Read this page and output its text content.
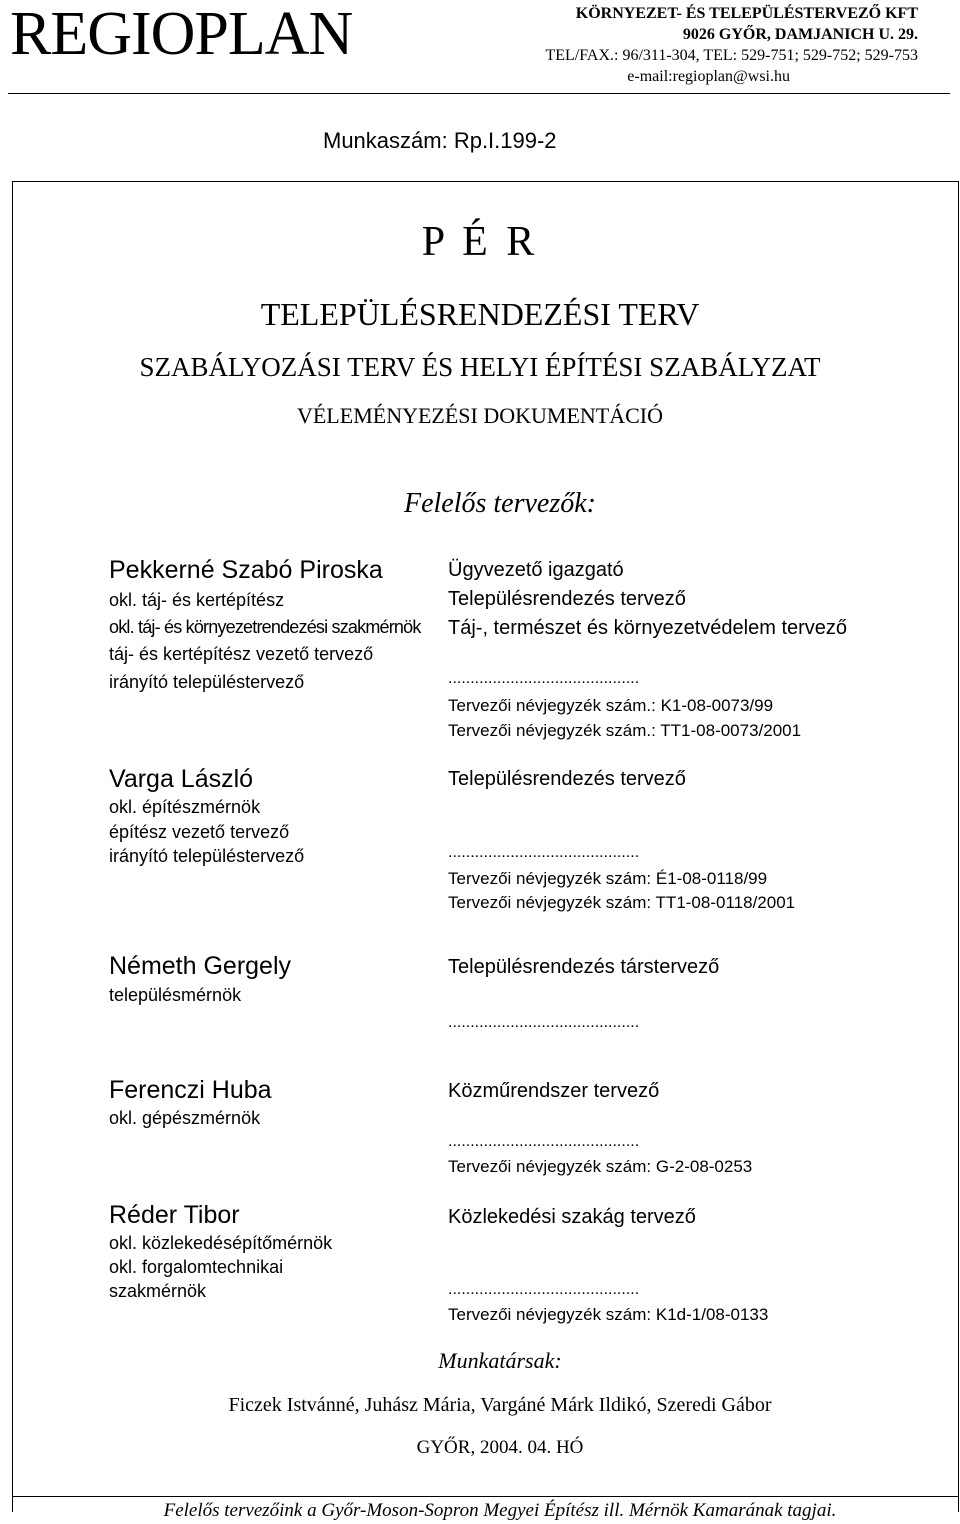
REGIOPLAN	KÖRNYEZET- ÉS TELEPÜLÉSTERVEZŐ KFT
9026 GYŐR, DAMJANICH U. 29.
TEL/FAX.: 96/311-304, TEL: 529-751; 529-752; 529-753
e-mail:regioplan@wsi.hu
Munkaszám: Rp.I.199-2
P É R
TELEPÜLÉSRENDEZÉSI TERV
SZABÁLYOZÁSI TERV ÉS HELYI ÉPÍTÉSI SZABÁLYZAT
VÉLEMÉNYEZÉSI DOKUMENTÁCIÓ
Felelős tervezők:
Pekkerné Szabó Piroska
okl. táj- és kertépítész
okl. táj- és környezetrendezési szakmérnök
táj- és kertépítész vezető tervező
irányító településtervező
Ügyvezető igazgató
Településrendezés tervező
Táj-, természet és környezetvédelem tervező
...........................................
Tervezői névjegyzék szám.: K1-08-0073/99
Tervezői névjegyzék szám.: TT1-08-0073/2001
Varga László
okl. építészmérnök
építész vezető tervező
irányító településtervező
Településrendezés tervező
...........................................
Tervezői névjegyzék szám: É1-08-0118/99
Tervezői névjegyzék szám: TT1-08-0118/2001
Németh Gergely
településmérnök
Településrendezés társtervező
...........................................
Ferenczi Huba
okl. gépészmérnök
Közműrendszer tervező
...........................................
Tervezői névjegyzék szám: G-2-08-0253
Réder Tibor
okl. közlekedésépítőmérnök
okl. forgalomtechnikai
szakmérnök
Közlekedési szakág tervező
...........................................
Tervezői névjegyzék szám: K1d-1/08-0133
Munkatársak:
Ficzek Istvánné, Juhász Mária, Vargáné Márk Ildikó, Szeredi Gábor
GYŐR, 2004. 04. HÓ
Felelős tervezőink a Győr-Moson-Sopron Megyei Építész ill. Mérnök Kamarának tagjai.
